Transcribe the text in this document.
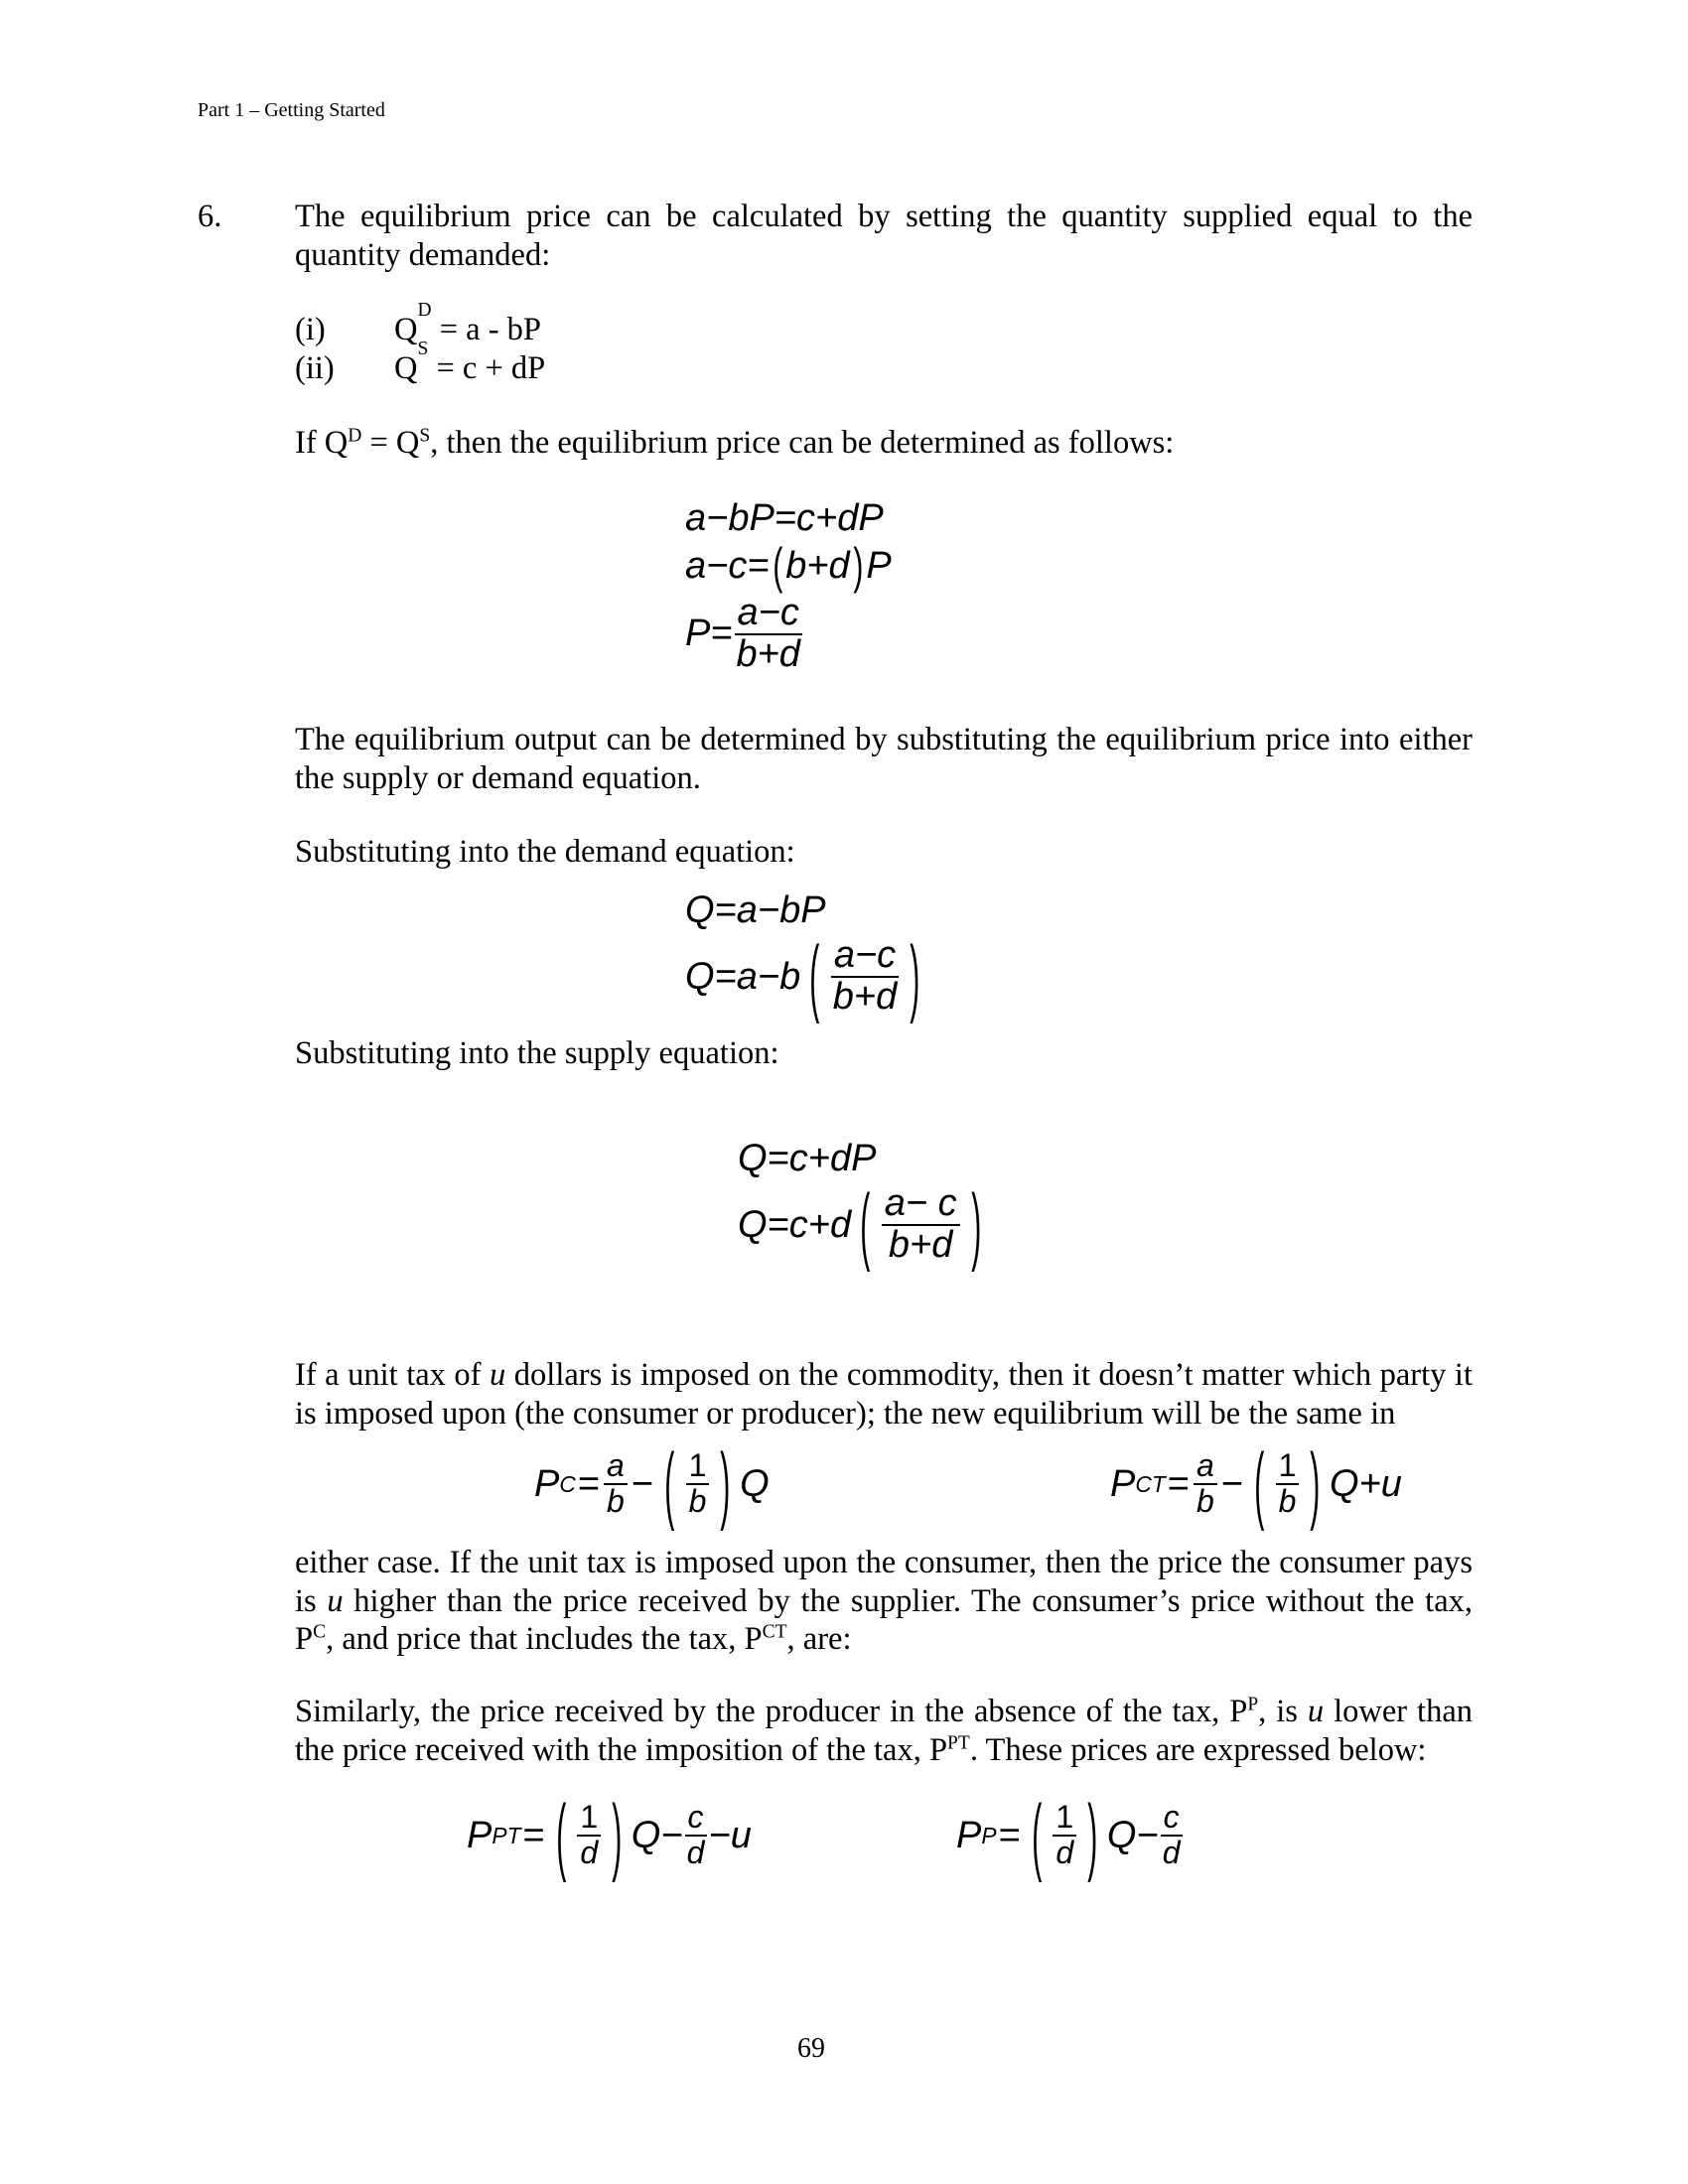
Part 1 – Getting Started
6. The equilibrium price can be calculated by setting the quantity supplied equal to the quantity demanded:
(i)	Q
D
= a - bP
(ii)	Q
S
= c + dP
If $Q^D = Q^S$, then the equilibrium price can be determined as follows:
a−bP=c+dP
a−c= ( b+d ) P
$P= \frac{a-c}{b+d}$
The equilibrium output can be determined by substituting the equilibrium price into either the supply or demand equation.
Substituting into the demand equation:
Q=a−bP
Q=a−b ( $\frac{a-c}{b+d}$ )
Substituting into the supply equation:
Q=c+dP
Q=c+d ( $\frac{a- c}{b+d}$ )
If a unit tax of u dollars is imposed on the commodity, then it doesn’t matter which party it is imposed upon (the consumer or producer); the new equilibrium will be the same in
P $C = \frac{a}{b}$ − ( $\frac{1}{b}$ ) Q	P CT = $\frac{a}{b}$ − ( $\frac{1}{b}$ ) Q+u
either case. If the unit tax is imposed upon the consumer, then the price the consumer pays is u higher than the price received by the supplier. The consumer’s price without the tax, $P^C$, and price that includes the tax, $P^{CT}$, are:
Similarly, the price received by the producer in the absence of the tax, $P^P$, is u lower than the price received with the imposition of the tax, $P^{PT}$. These prices are expressed below:
P PT = ( $\frac{1}{d}$ ) $Q- \frac{c}{d} -u$	P P = ( $\frac{1}{d}$ ) $Q- \frac{c}{d}$
69
